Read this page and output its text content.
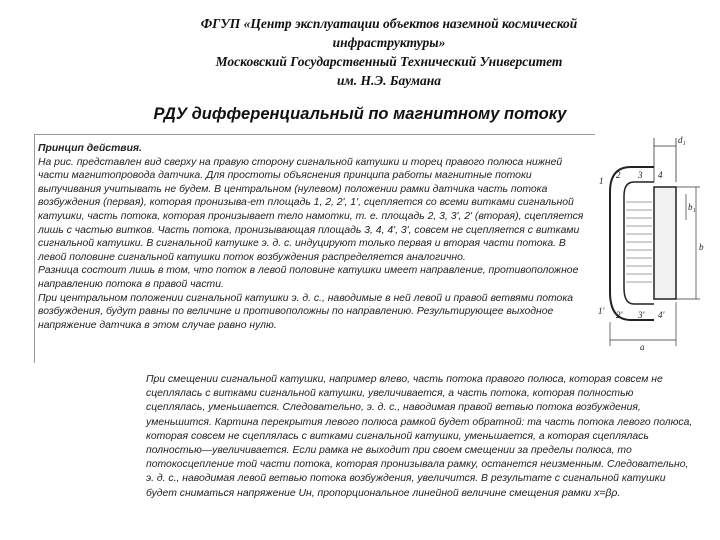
ФГУП «Центр эксплуатации объектов наземной космической
инфраструктуры»
Московский Государственный Технический Университет
им. Н.Э. Баумана
РДУ дифференциальный по магнитному потоку

Принцип действия.

На рис. представлен вид сверху на правую сторону сигнальной катушки и торец правого полюса нижней части магнитопровода датчика. Для простоты объяснения принципа работы магнитные потоки выпучивания учитывать не будем. В центральном (нулевом) положении рамки датчика часть потока возбуждения (первая), которая пронизыва-ет площадь 1, 2, 2', 1', сцепляется со всеми витками сигнальной катушки, часть потока, которая пронизывает тело намотки, т. е. площадь 2, 3, 3', 2' (вторая), сцепляется лишь с частью витков. Часть потока, пронизывающая площадь 3, 4, 4', 3', совсем не сцепляется с витками сигнальной катушки. В сигнальной катушке э. д. с. индуцируют только первая и вторая части потока. В левой половине сигнальной катушки поток возбуждения распределяется аналогично.

Разница состоит лишь в том, что поток в левой половине катушки имеет направление, противоположное направлению потока в правой части.

При центральном положении сигнальной катушки э. д. с., наводимые в ней левой и правой ветвями потока возбуждения, будут равны по величине и противоположны по направлению. Результирующее выходное напряжение датчика в этом случае равно нулю.

При смещении сигнальной катушки, например влево, часть потока правого полюса, которая совсем не сцеплялась с витками сигнальной катушки, увеличивается, а часть потока, которая полностью сцеплялась, уменьшается. Следовательно, э. д. с., наводимая правой ветвью потока возбуждения, уменьшится. Картина перекрытия левого полюса рамкой будет обратной: та часть потока левого полюса, которая совсем не сцеплялась с витками сигнальной катушки, уменьшается, а которая сцеплялась полностью—увеличивается. Если рамка не выходит при своем смещении за пределы полюса, то потокосцепление той части потока, которая пронизывала рамку, останется неизменным. Следовательно, э. д. с., наводимая левой ветвью потока возбуждения, увеличится. В результате с сигнальной катушки будет сниматься напряжение Uн, пропорциональное линейной величине смещения рамки x=βρ.

d₁
b
b₁
a
1
2 3 4
1' 2' 3' 4'
